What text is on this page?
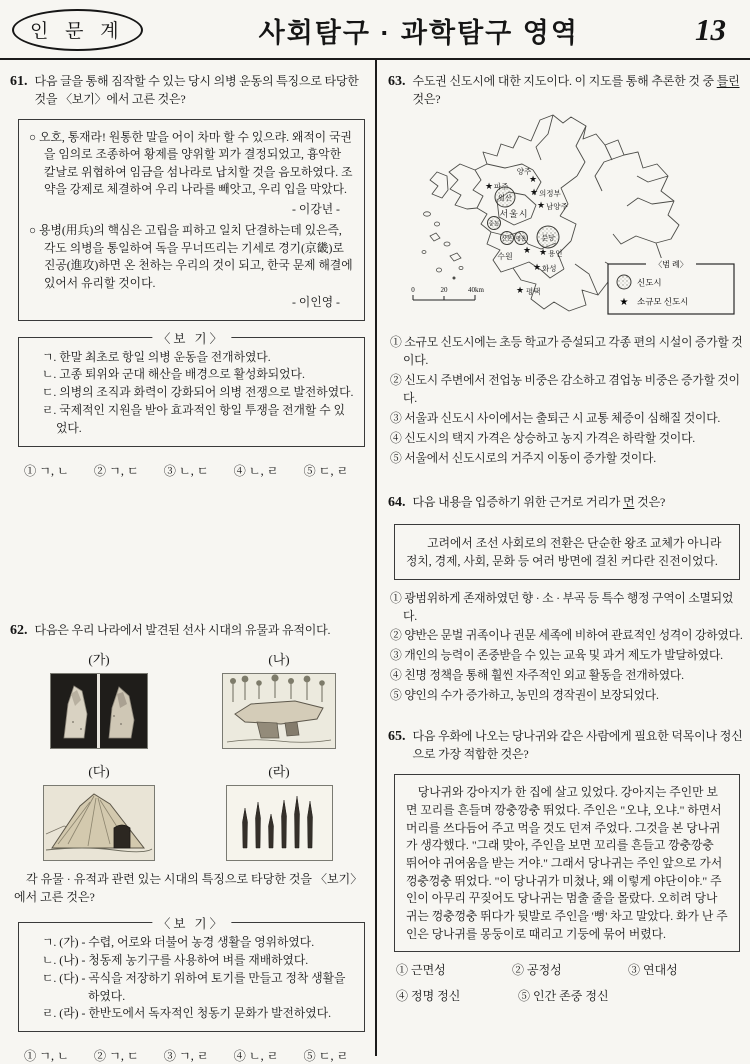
인 문 계	사회탐구 · 과학탐구 영역	13
61. 다음 글을 통해 짐작할 수 있는 당시 의병 운동의 특징으로 타당한 것을 〈보기〉에서 고른 것은?
○ 오호, 통재라! 원통한 말을 어이 차마 할 수 있으랴. 왜적이 국권을 임의로 조종하여 황제를 양위할 꾀가 결정되었고, 흉악한 칼날로 위협하여 임금을 섬나라로 납치할 것을 음모하였다. 조약을 강제로 체결하여 우리 나라를 빼앗고, 우리 입을 막았다.
- 이강년 -
○ 용병(用兵)의 핵심은 고립을 피하고 일치 단결하는데 있은즉, 각도 의병을 통일하여 독을 무너뜨리는 기세로 경기(京畿)로 진공(進攻)하면 온 천하는 우리의 것이 되고, 한국 문제 해결에 있어서 유리할 것이다.
- 이인영 -
〈보 기〉
ㄱ. 한말 최초로 항일 의병 운동을 전개하였다.
ㄴ. 고종 퇴위와 군대 해산을 배경으로 활성화되었다.
ㄷ. 의병의 조직과 화력이 강화되어 의병 전쟁으로 발전하였다.
ㄹ. 국제적인 지원을 받아 효과적인 항일 투쟁을 전개할 수 있었다.
① ㄱ, ㄴ ② ㄱ, ㄷ ③ ㄴ, ㄷ ④ ㄴ, ㄹ ⑤ ㄷ, ㄹ
62. 다음은 우리 나라에서 발견된 선사 시대의 유물과 유적이다.
(가)	(나)
(다)	(라)
각 유물 · 유적과 관련 있는 시대의 특징으로 타당한 것을 〈보기〉에서 고른 것은?
〈보 기〉
ㄱ. (가) - 수렵, 어로와 더불어 농경 생활을 영위하였다.
ㄴ. (나) - 청동제 농기구를 사용하여 벼를 재배하였다.
ㄷ. (다) - 곡식을 저장하기 위하여 토기를 만들고 정착 생활을 하였다.
ㄹ. (라) - 한반도에서 독자적인 청동기 문화가 발전하였다.
① ㄱ, ㄴ ② ㄱ, ㄷ ③ ㄱ, ㄹ ④ ㄴ, ㄹ ⑤ ㄷ, ㄹ
63. 수도권 신도시에 대한 지도이다. 이 지도를 통해 추론한 것 중 틀린 것은?
★
★
★
★
★ ★
★
★
일산
중동
산본 평촌 분당
파주
양주
의정부
남양주
서울시
수원	용인
화성
평택
0	20	40km
〈범 례〉
신도시
★ 소규모 신도시
① 소규모 신도시에는 초등 학교가 증설되고 각종 편의 시설이 증가할 것이다.
② 신도시 주변에서 전업농 비중은 감소하고 겸업농 비중은 증가할 것이다.
③ 서울과 신도시 사이에서는 출퇴근 시 교통 체증이 심해질 것이다.
④ 신도시의 택지 가격은 상승하고 농지 가격은 하락할 것이다.
⑤ 서울에서 신도시로의 거주지 이동이 증가할 것이다.
64. 다음 내용을 입증하기 위한 근거로 거리가 먼 것은?

고려에서 조선 사회로의 전환은 단순한 왕조 교체가 아니라 정치, 경제, 사회, 문화 등 여러 방면에 걸친 커다란 진전이었다.

① 광범위하게 존재하였던 향 · 소 · 부곡 등 특수 행정 구역이 소멸되었다.
② 양반은 문벌 귀족이나 권문 세족에 비하여 관료적인 성격이 강하였다.
③ 개인의 능력이 존중받을 수 있는 교육 및 과거 제도가 발달하였다.
④ 친명 정책을 통해 훨씬 자주적인 외교 활동을 전개하였다.
⑤ 양인의 수가 증가하고, 농민의 경작권이 보장되었다.
65. 다음 우화에 나오는 당나귀와 같은 사람에게 필요한 덕목이나 정신으로 가장 적합한 것은?

당나귀와 강아지가 한 집에 살고 있었다. 강아지는 주인만 보면 꼬리를 흔들며 깡충깡충 뛰었다. 주인은 "오냐, 오냐." 하면서 머리를 쓰다듬어 주고 먹을 것도 던져 주었다. 그것을 본 당나귀가 생각했다. "그래 맞아, 주인을 보면 꼬리를 흔들고 깡충깡충 뛰어야 귀여움을 받는 거야." 그래서 당나귀는 주인 앞으로 가서 껑충껑충 뛰었다. "이 당나귀가 미쳤나, 왜 이렇게 야단이야." 주인이 아무리 꾸짖어도 당나귀는 멈출 줄을 몰랐다. 오히려 당나귀는 껑충껑충 뛰다가 뒷발로 주인을 '뻥' 차고 말았다. 화가 난 주인은 당나귀를 몽둥이로 때리고 기둥에 묶어 버렸다.

① 근면성	② 공정성	③ 연대성
④ 정명 정신	⑤ 인간 존중 정신
